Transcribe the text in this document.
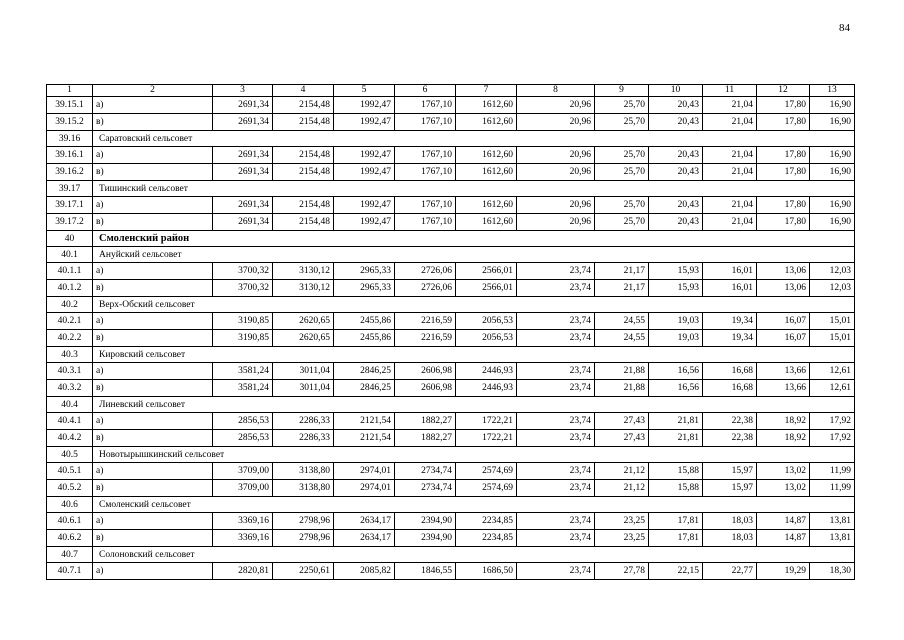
84
1	2	3	4	5	6	7	8	9	10	11	12	13
39.15.1	а)	2691,34	2154,48	1992,47	1767,10	1612,60	20,96	25,70	20,43	21,04	17,80	16,90
39.15.2	в)	2691,34	2154,48	1992,47	1767,10	1612,60	20,96	25,70	20,43	21,04	17,80	16,90
39.16	Саратовский сельсовет											
39.16.1	а)	2691,34	2154,48	1992,47	1767,10	1612,60	20,96	25,70	20,43	21,04	17,80	16,90
39.16.2	в)	2691,34	2154,48	1992,47	1767,10	1612,60	20,96	25,70	20,43	21,04	17,80	16,90
39.17	Тишинский сельсовет											
39.17.1	а)	2691,34	2154,48	1992,47	1767,10	1612,60	20,96	25,70	20,43	21,04	17,80	16,90
39.17.2	в)	2691,34	2154,48	1992,47	1767,10	1612,60	20,96	25,70	20,43	21,04	17,80	16,90
40	Смоленский район											
40.1	Ануйский сельсовет											
40.1.1	а)	3700,32	3130,12	2965,33	2726,06	2566,01	23,74	21,17	15,93	16,01	13,06	12,03
40.1.2	в)	3700,32	3130,12	2965,33	2726,06	2566,01	23,74	21,17	15,93	16,01	13,06	12,03
40.2	Верх-Обский сельсовет											
40.2.1	а)	3190,85	2620,65	2455,86	2216,59	2056,53	23,74	24,55	19,03	19,34	16,07	15,01
40.2.2	в)	3190,85	2620,65	2455,86	2216,59	2056,53	23,74	24,55	19,03	19,34	16,07	15,01
40.3	Кировский сельсовет											
40.3.1	а)	3581,24	3011,04	2846,25	2606,98	2446,93	23,74	21,88	16,56	16,68	13,66	12,61
40.3.2	в)	3581,24	3011,04	2846,25	2606,98	2446,93	23,74	21,88	16,56	16,68	13,66	12,61
40.4	Линевский сельсовет											
40.4.1	а)	2856,53	2286,33	2121,54	1882,27	1722,21	23,74	27,43	21,81	22,38	18,92	17,92
40.4.2	в)	2856,53	2286,33	2121,54	1882,27	1722,21	23,74	27,43	21,81	22,38	18,92	17,92
40.5	Новотырышкинский сельсовет											
40.5.1	а)	3709,00	3138,80	2974,01	2734,74	2574,69	23,74	21,12	15,88	15,97	13,02	11,99
40.5.2	в)	3709,00	3138,80	2974,01	2734,74	2574,69	23,74	21,12	15,88	15,97	13,02	11,99
40.6	Смоленский сельсовет											
40.6.1	а)	3369,16	2798,96	2634,17	2394,90	2234,85	23,74	23,25	17,81	18,03	14,87	13,81
40.6.2	в)	3369,16	2798,96	2634,17	2394,90	2234,85	23,74	23,25	17,81	18,03	14,87	13,81
40.7	Солоновский сельсовет											
40.7.1	а)	2820,81	2250,61	2085,82	1846,55	1686,50	23,74	27,78	22,15	22,77	19,29	18,30
